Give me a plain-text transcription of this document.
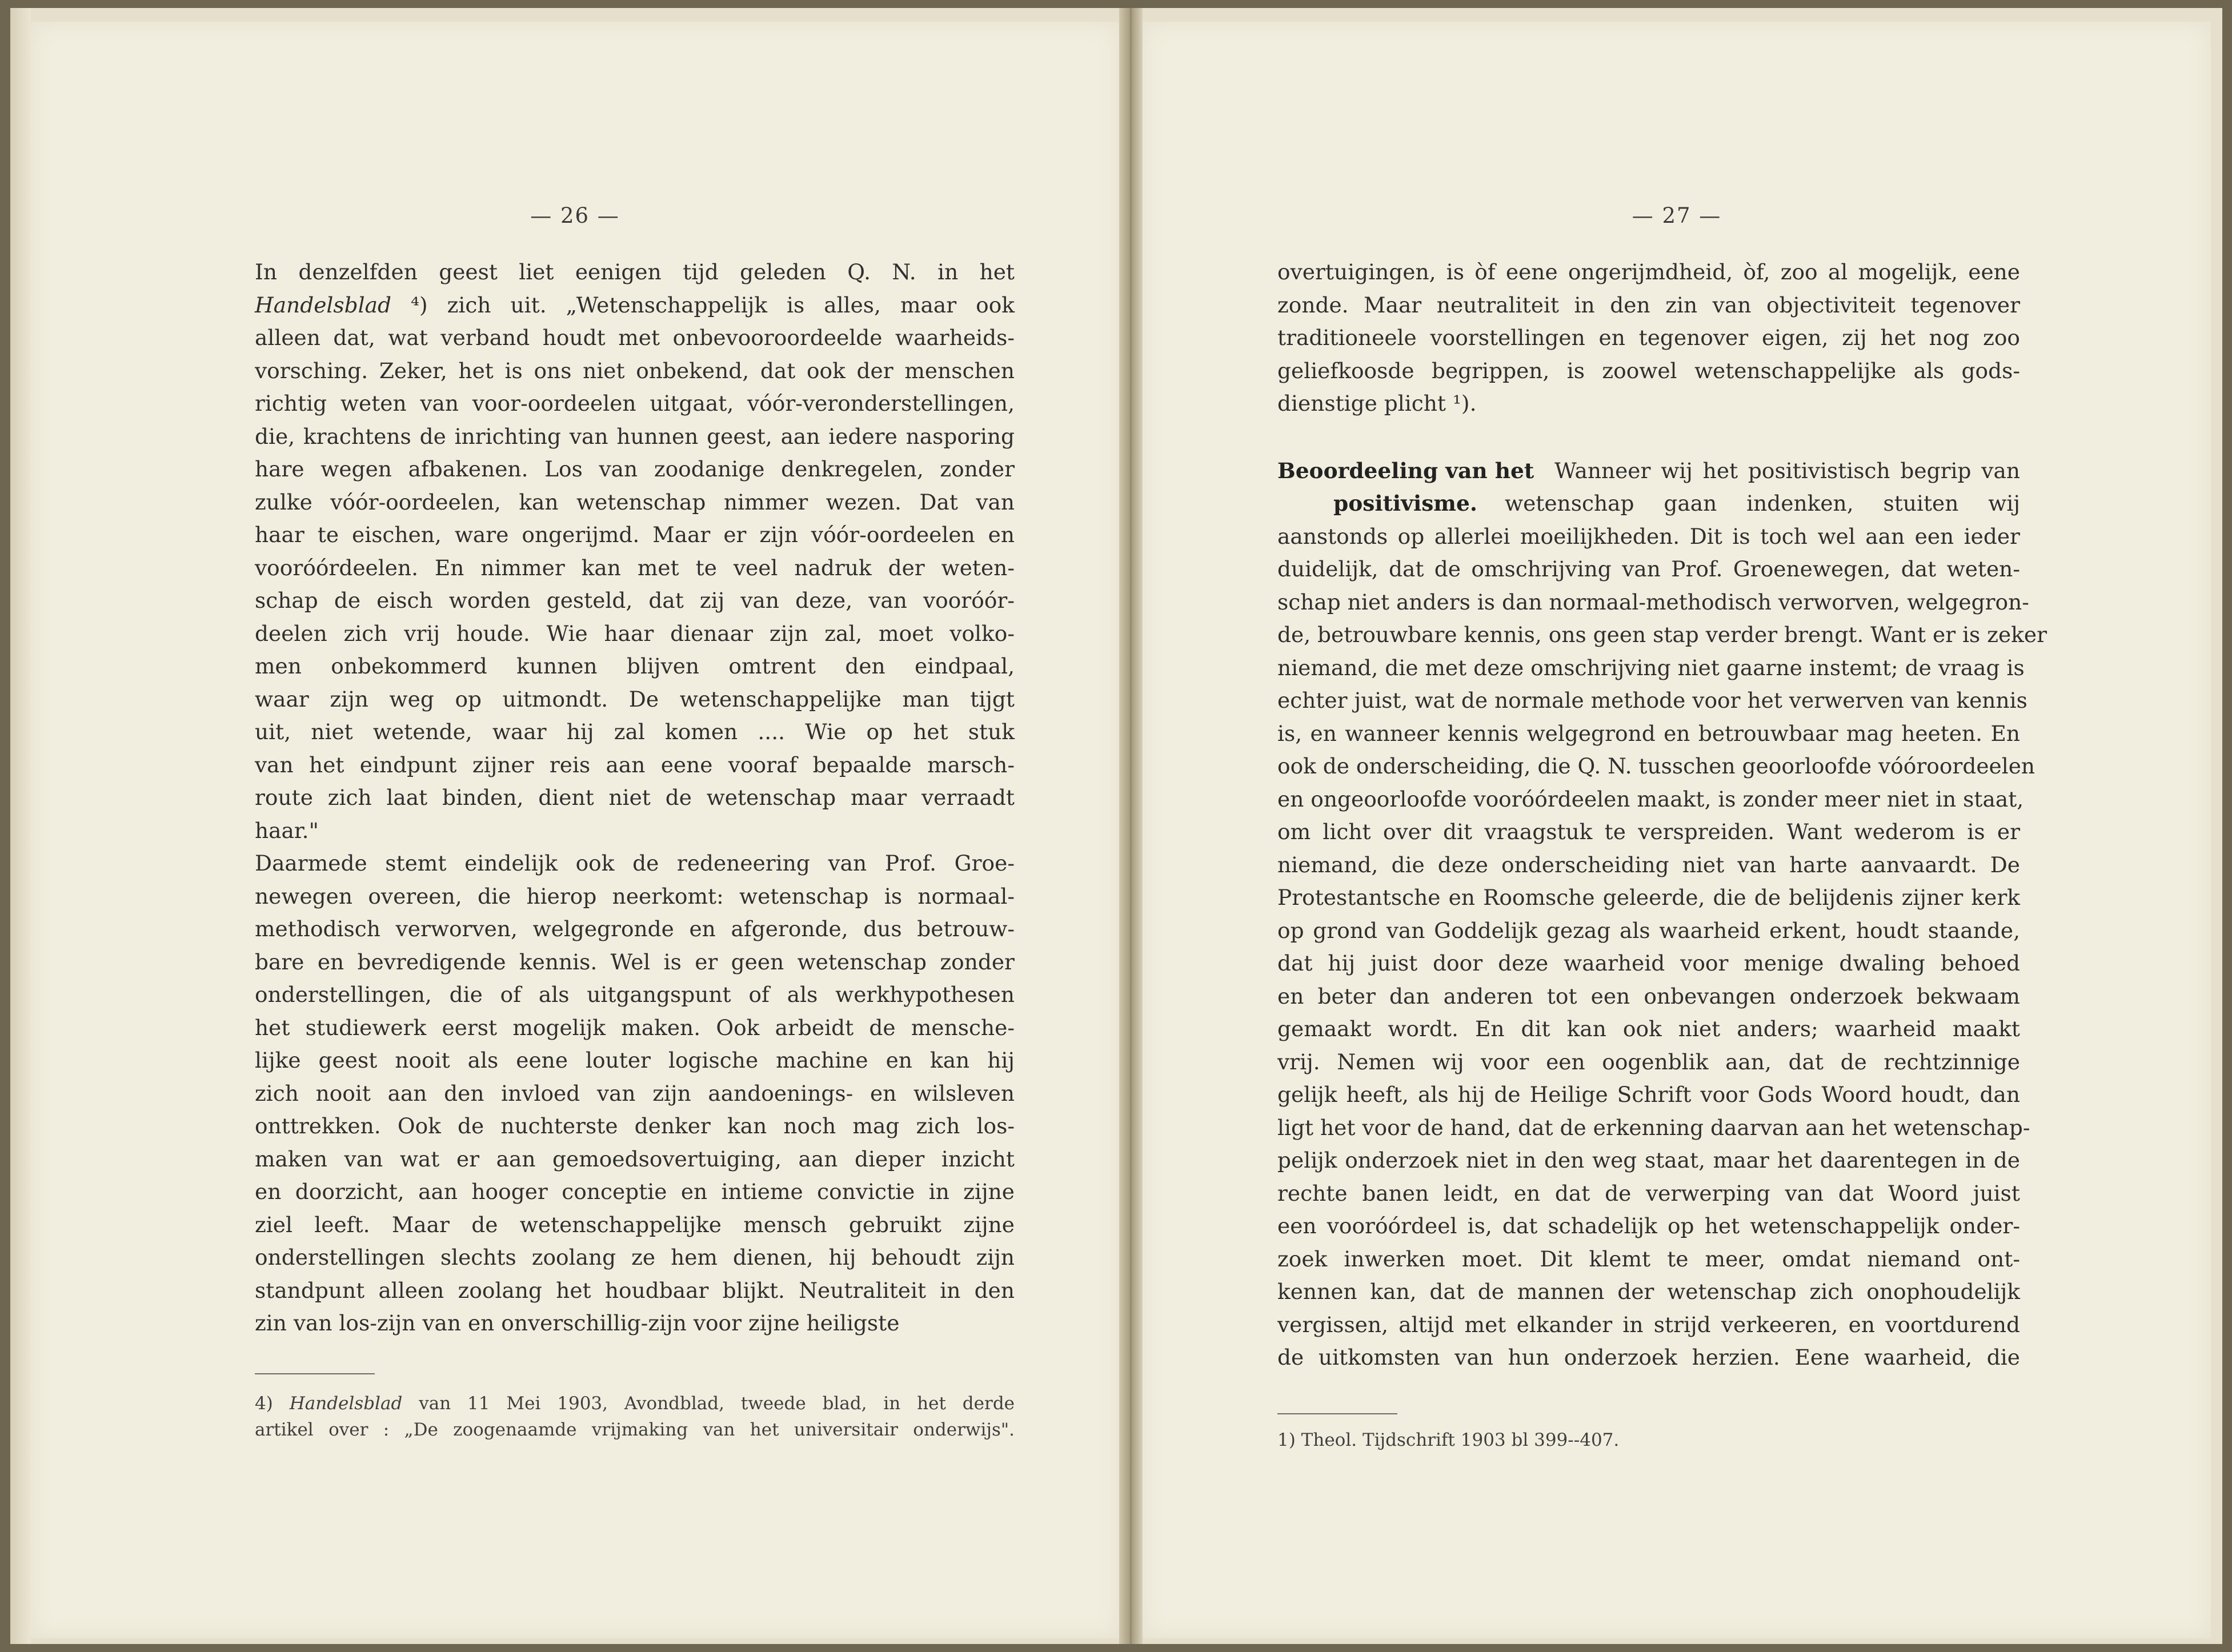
— 26 —
In denzelfden geest liet eenigen tijd geleden Q. N. in het
Handelsblad ⁴) zich uit. „Wetenschappelijk is alles, maar ook
alleen dat, wat verband houdt met onbevooroordeelde waarheids-
vorsching. Zeker, het is ons niet onbekend, dat ook der menschen
richtig weten van voor-oordeelen uitgaat, vóór-veronderstellingen,
die, krachtens de inrichting van hunnen geest, aan iedere nasporing
hare wegen afbakenen. Los van zoodanige denkregelen, zonder
zulke vóór-oordeelen, kan wetenschap nimmer wezen. Dat van
haar te eischen, ware ongerijmd. Maar er zijn vóór-oordeelen en
vooróórdeelen. En nimmer kan met te veel nadruk der weten-
schap de eisch worden gesteld, dat zij van deze, van vooróór-
deelen zich vrij houde. Wie haar dienaar zijn zal, moet volko-
men onbekommerd kunnen blijven omtrent den eindpaal,
waar zijn weg op uitmondt. De wetenschappelijke man tijgt
uit, niet wetende, waar hij zal komen .... Wie op het stuk
van het eindpunt zijner reis aan eene vooraf bepaalde marsch-
route zich laat binden, dient niet de wetenschap maar verraadt
haar."
Daarmede stemt eindelijk ook de redeneering van Prof. Groe-
newegen overeen, die hierop neerkomt: wetenschap is normaal-
methodisch verworven, welgegronde en afgeronde, dus betrouw-
bare en bevredigende kennis. Wel is er geen wetenschap zonder
onderstellingen, die of als uitgangspunt of als werkhypothesen
het studiewerk eerst mogelijk maken. Ook arbeidt de mensche-
lijke geest nooit als eene louter logische machine en kan hij
zich nooit aan den invloed van zijn aandoenings- en wilsleven
onttrekken. Ook de nuchterste denker kan noch mag zich los-
maken van wat er aan gemoedsovertuiging, aan dieper inzicht
en doorzicht, aan hooger conceptie en intieme convictie in zijne
ziel leeft. Maar de wetenschappelijke mensch gebruikt zijne
onderstellingen slechts zoolang ze hem dienen, hij behoudt zijn
standpunt alleen zoolang het houdbaar blijkt. Neutraliteit in den
zin van los-zijn van en onverschillig-zijn voor zijne heiligste
4) Handelsblad van 11 Mei 1903, Avondblad, tweede blad, in het derde
artikel over : „De zoogenaamde vrijmaking van het universitair onderwijs".
— 27 —
overtuigingen, is òf eene ongerijmdheid, òf, zoo al mogelijk, eene
zonde. Maar neutraliteit in den zin van objectiviteit tegenover
traditioneele voorstellingen en tegenover eigen, zij het nog zoo
geliefkoosde begrippen, is zoowel wetenschappelijke als gods-
dienstige plicht ¹).
Beoordeeling van het Wanneer wij het positivistisch begrip van
positivisme.	wetenschap gaan indenken, stuiten wij
aanstonds op allerlei moeilijkheden. Dit is toch wel aan een ieder
duidelijk, dat de omschrijving van Prof. Groenewegen, dat weten-
schap niet anders is dan normaal-methodisch verworven, welgegron-
de, betrouwbare kennis, ons geen stap verder brengt. Want er is zeker
niemand, die met deze omschrijving niet gaarne instemt; de vraag is
echter juist, wat de normale methode voor het verwerven van kennis
is, en wanneer kennis welgegrond en betrouwbaar mag heeten. En
ook de onderscheiding, die Q. N. tusschen geoorloofde vóóroordeelen
en ongeoorloofde vooróórdeelen maakt, is zonder meer niet in staat,
om licht over dit vraagstuk te verspreiden. Want wederom is er
niemand, die deze onderscheiding niet van harte aanvaardt. De
Protestantsche en Roomsche geleerde, die de belijdenis zijner kerk
op grond van Goddelijk gezag als waarheid erkent, houdt staande,
dat hij juist door deze waarheid voor menige dwaling behoed
en beter dan anderen tot een onbevangen onderzoek bekwaam
gemaakt wordt. En dit kan ook niet anders; waarheid maakt
vrij. Nemen wij voor een oogenblik aan, dat de rechtzinnige
gelijk heeft, als hij de Heilige Schrift voor Gods Woord houdt, dan
ligt het voor de hand, dat de erkenning daarvan aan het wetenschap-
pelijk onderzoek niet in den weg staat, maar het daarentegen in de
rechte banen leidt, en dat de verwerping van dat Woord juist
een vooróórdeel is, dat schadelijk op het wetenschappelijk onder-
zoek inwerken moet. Dit klemt te meer, omdat niemand ont-
kennen kan, dat de mannen der wetenschap zich onophoudelijk
vergissen, altijd met elkander in strijd verkeeren, en voortdurend
de uitkomsten van hun onderzoek herzien. Eene waarheid, die
1) Theol. Tijdschrift 1903 bl 399--407.
